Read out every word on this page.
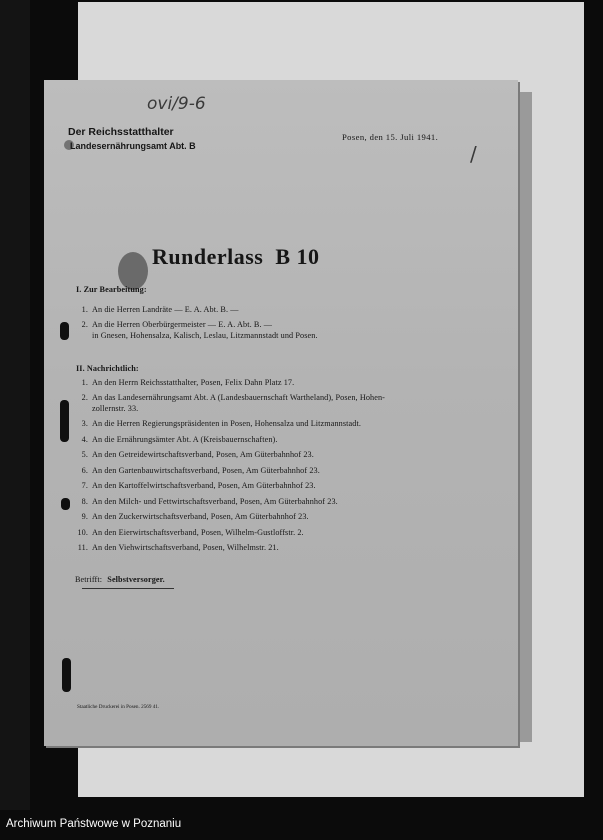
ovi/9-6
/
Der Reichsstatthalter
Landesernährungsamt Abt. B
Posen, den 15. Juli 1941.
Runderlass B 10
I. Zur Bearbeitung:
1. An die Herren Landräte — E. A. Abt. B. —
2. An die Herren Oberbürgermeister — E. A. Abt. B. —
in Gnesen, Hohensalza, Kalisch, Leslau, Litzmannstadt und Posen.
II. Nachrichtlich:
1. An den Herrn Reichsstatthalter, Posen, Felix Dahn Platz 17.
2. An das Landesernährungsamt Abt. A (Landesbauernschaft Wartheland), Posen, Hohen-
zollernstr. 33.
3. An die Herren Regierungspräsidenten in Posen, Hohensalza und Litzmannstadt.
4. An die Ernährungsämter Abt. A (Kreisbauernschaften).
5. An den Getreidewirtschaftsverband, Posen, Am Güterbahnhof 23.
6. An den Gartenbauwirtschaftsverband, Posen, Am Güterbahnhof 23.
7. An den Kartoffelwirtschaftsverband, Posen, Am Güterbahnhof 23.
8. An den Milch- und Fettwirtschaftsverband, Posen, Am Güterbahnhof 23.
9. An den Zuckerwirtschaftsverband, Posen, Am Güterbahnhof 23.
10. An den Eierwirtschaftsverband, Posen, Wilhelm-Gustloffstr. 2.
11. An den Viehwirtschaftsverband, Posen, Wilhelmstr. 21.
Betrifft: Selbstversorger.
Staatliche Druckerei in Posen. 2569 41.
Archiwum Państwowe w Poznaniu
